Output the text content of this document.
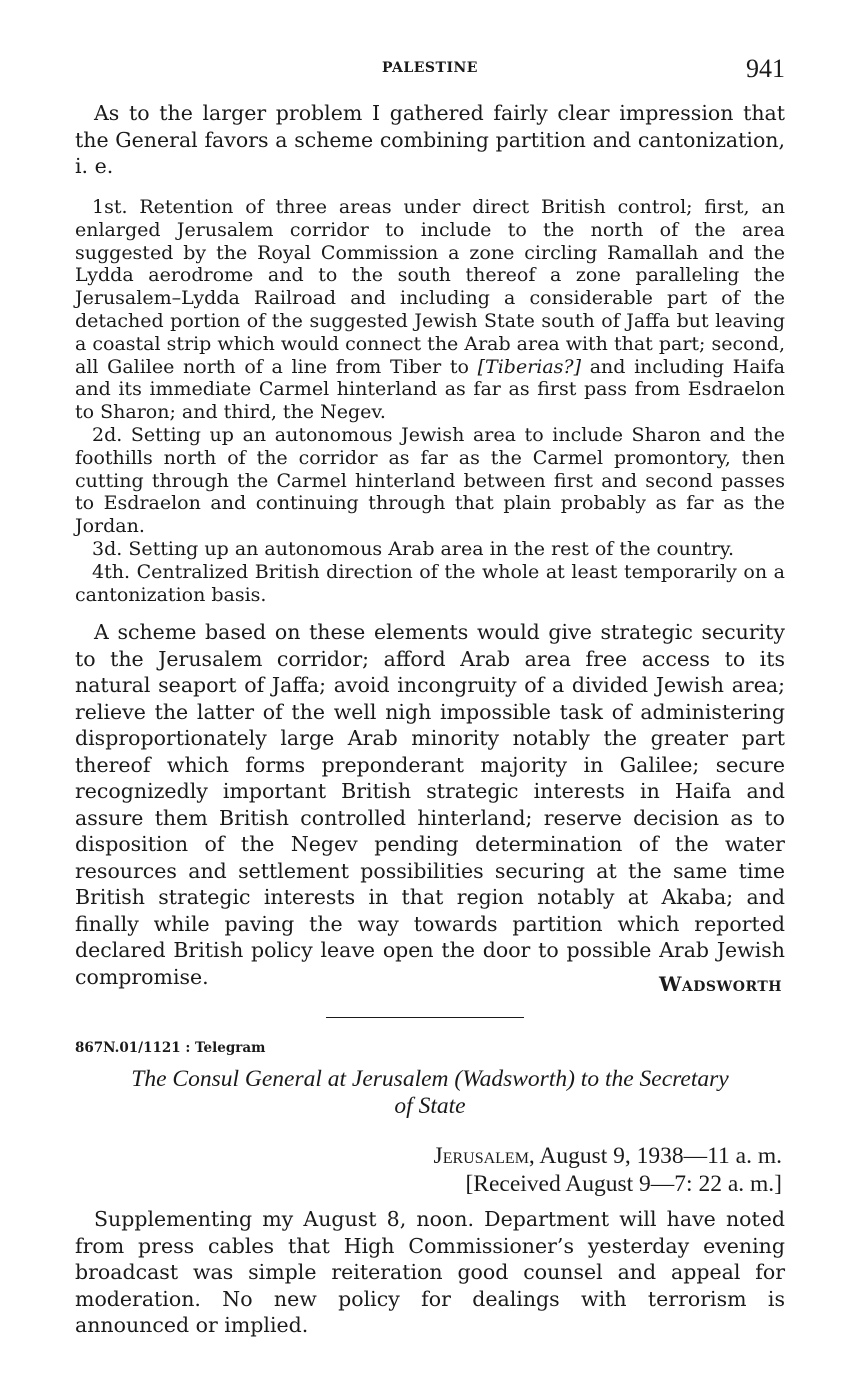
PALESTINE	941

As to the larger problem I gathered fairly clear impression that the General favors a scheme combining partition and cantonization, i. e.

1st. Retention of three areas under direct British control; first, an enlarged Jerusalem corridor to include to the north of the area suggested by the Royal Commission a zone circling Ramallah and the Lydda aerodrome and to the south thereof a zone paralleling the Jerusalem–Lydda Railroad and including a considerable part of the detached portion of the suggested Jewish State south of Jaffa but leaving a coastal strip which would connect the Arab area with that part; second, all Galilee north of a line from Tiber to [Tiberias?] and including Haifa and its immediate Carmel hinterland as far as first pass from Esdraelon to Sharon; and third, the Negev.

2d. Setting up an autonomous Jewish area to include Sharon and the foothills north of the corridor as far as the Carmel promontory, then cutting through the Carmel hinterland between first and second passes to Esdraelon and continuing through that plain probably as far as the Jordan.

3d. Setting up an autonomous Arab area in the rest of the country.

4th. Centralized British direction of the whole at least temporarily on a cantonization basis.

A scheme based on these elements would give strategic security to the Jerusalem corridor; afford Arab area free access to its natural seaport of Jaffa; avoid incongruity of a divided Jewish area; relieve the latter of the well nigh impossible task of administering disproportionately large Arab minority notably the greater part thereof which forms preponderant majority in Galilee; secure recognizedly important British strategic interests in Haifa and assure them British controlled hinterland; reserve decision as to disposition of the Negev pending determination of the water resources and settlement possibilities securing at the same time British strategic interests in that region notably at Akaba; and finally while paving the way towards partition which reported declared British policy leave open the door to possible Arab Jewish compromise.	Wadsworth
867N.01/1121 : Telegram
The Consul General at Jerusalem (Wadsworth) to the Secretary
of State
Jerusalem, August 9, 1938—11 a. m.
[Received August 9—7: 22 a. m.]

Supplementing my August 8, noon. Department will have noted from press cables that High Commissioner’s yesterday evening broadcast was simple reiteration good counsel and appeal for moderation. No new policy for dealings with terrorism is announced or implied.
